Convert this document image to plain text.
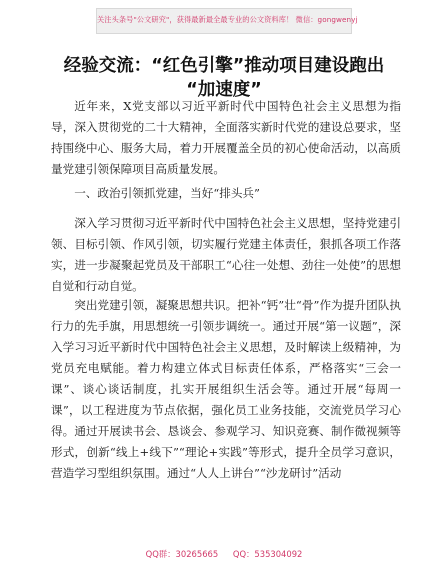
关注头条号"公文研究"，获得最新最全最专业的公文资料库！ 微信：gongwenyj
经验交流：“红色引擎”推动项目建设跑出
“加速度”

近年来，X党支部以习近平新时代中国特色社会主义思想为指导，深入贯彻党的二十大精神，全面落实新时代党的建设总要求，坚持围绕中心、服务大局，着力开展覆盖全员的初心使命活动，以高质量党建引领保障项目高质量发展。

一、政治引领抓党建，当好“排头兵”

深入学习贯彻习近平新时代中国特色社会主义思想，坚持党建引领、目标引领、作风引领，切实履行党建主体责任，狠抓各项工作落实，进一步凝聚起党员及干部职工“心往一处想、劲往一处使”的思想自觉和行动自觉。

突出党建引领，凝聚思想共识。把补“钙”壮“骨”作为提升团队执行力的先手旗，用思想统一引领步调统一。通过开展“第一议题”，深入学习习近平新时代中国特色社会主义思想，及时解读上级精神，为党员充电赋能。着力构建立体式目标责任体系，严格落实“三会一课”、谈心谈话制度，扎实开展组织生活会等。通过开展“每周一课”，以工程进度为节点依据，强化员工业务技能，交流党员学习心得。通过开展读书会、恳谈会、参观学习、知识竞赛、制作微视频等形式，创新“线上+线下”“理论+实践”等形式，提升全员学习意识，营造学习型组织氛围。通过“人人上讲台”“沙龙研讨”活动

QQ群：30265665 QQ：535304092
